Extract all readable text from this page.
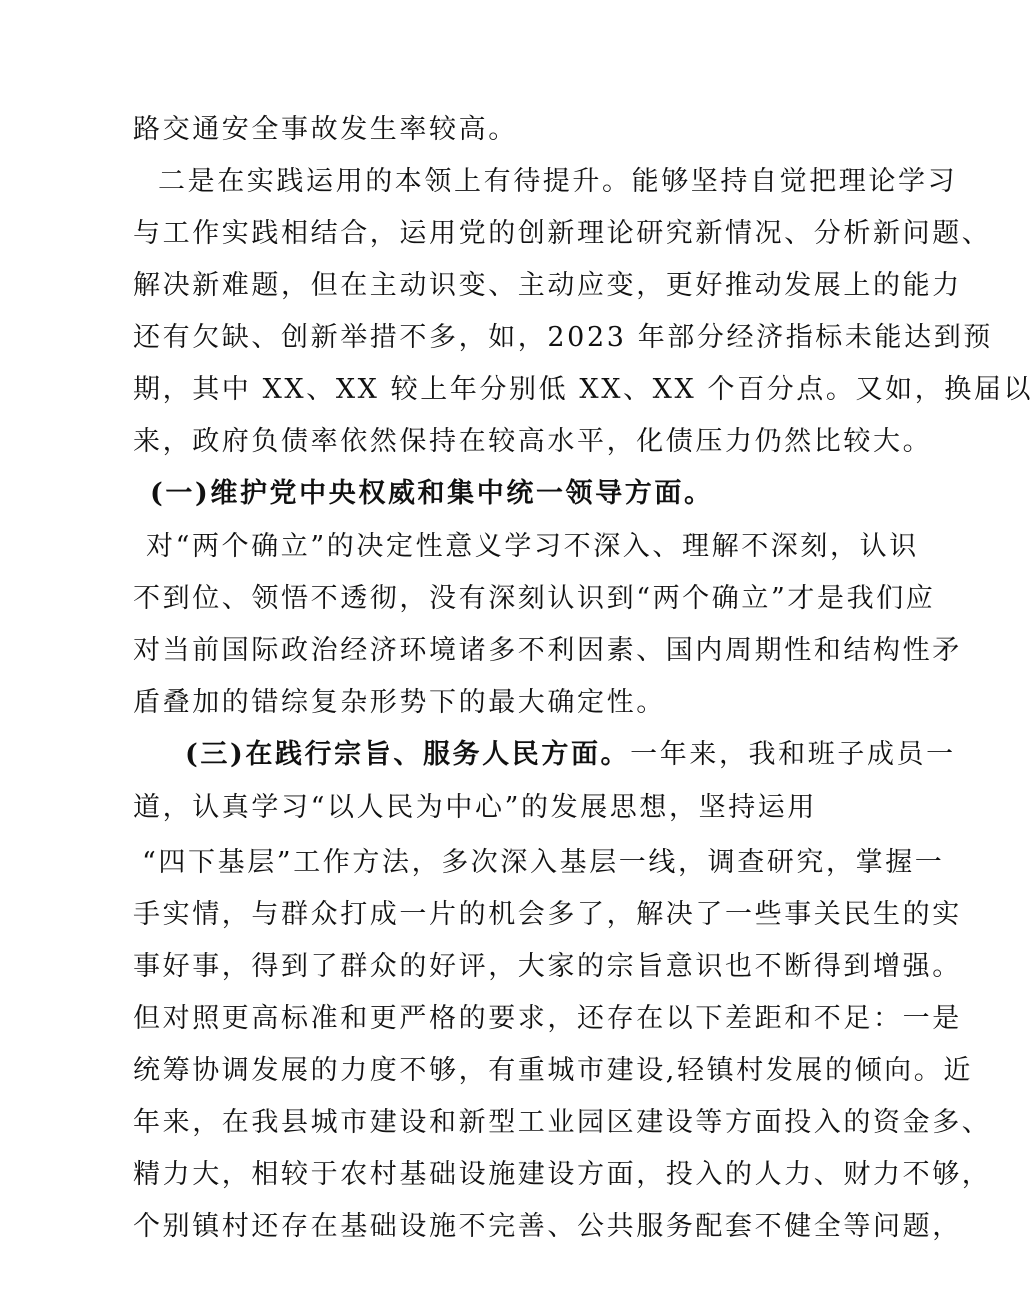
路交通安全事故发生率较高。
二是在实践运用的本领上有待提升。能够坚持自觉把理论学习
与工作实践相结合，运用党的创新理论研究新情况、分析新问题、
解决新难题，但在主动识变、主动应变，更好推动发展上的能力
还有欠缺、创新举措不多，如，2023 年部分经济指标未能达到预
期，其中 XX、XX 较上年分别低 XX、XX 个百分点。又如，换届以
来，政府负债率依然保持在较高水平，化债压力仍然比较大。
(一)维护党中央权威和集中统一领导方面。
对“两个确立”的决定性意义学习不深入、理解不深刻，认识
不到位、领悟不透彻，没有深刻认识到“两个确立”才是我们应
对当前国际政治经济环境诸多不利因素、国内周期性和结构性矛
盾叠加的错综复杂形势下的最大确定性。
(三)在践行宗旨、服务人民方面。一年来，我和班子成员一
道，认真学习“以人民为中心”的发展思想，坚持运用
“四下基层”工作方法，多次深入基层一线，调查研究，掌握一
手实情，与群众打成一片的机会多了，解决了一些事关民生的实
事好事，得到了群众的好评，大家的宗旨意识也不断得到增强。
但对照更高标准和更严格的要求，还存在以下差距和不足：一是
统筹协调发展的力度不够，有重城市建设,轻镇村发展的倾向。近
年来，在我县城市建设和新型工业园区建设等方面投入的资金多、
精力大，相较于农村基础设施建设方面，投入的人力、财力不够，
个别镇村还存在基础设施不完善、公共服务配套不健全等问题，
